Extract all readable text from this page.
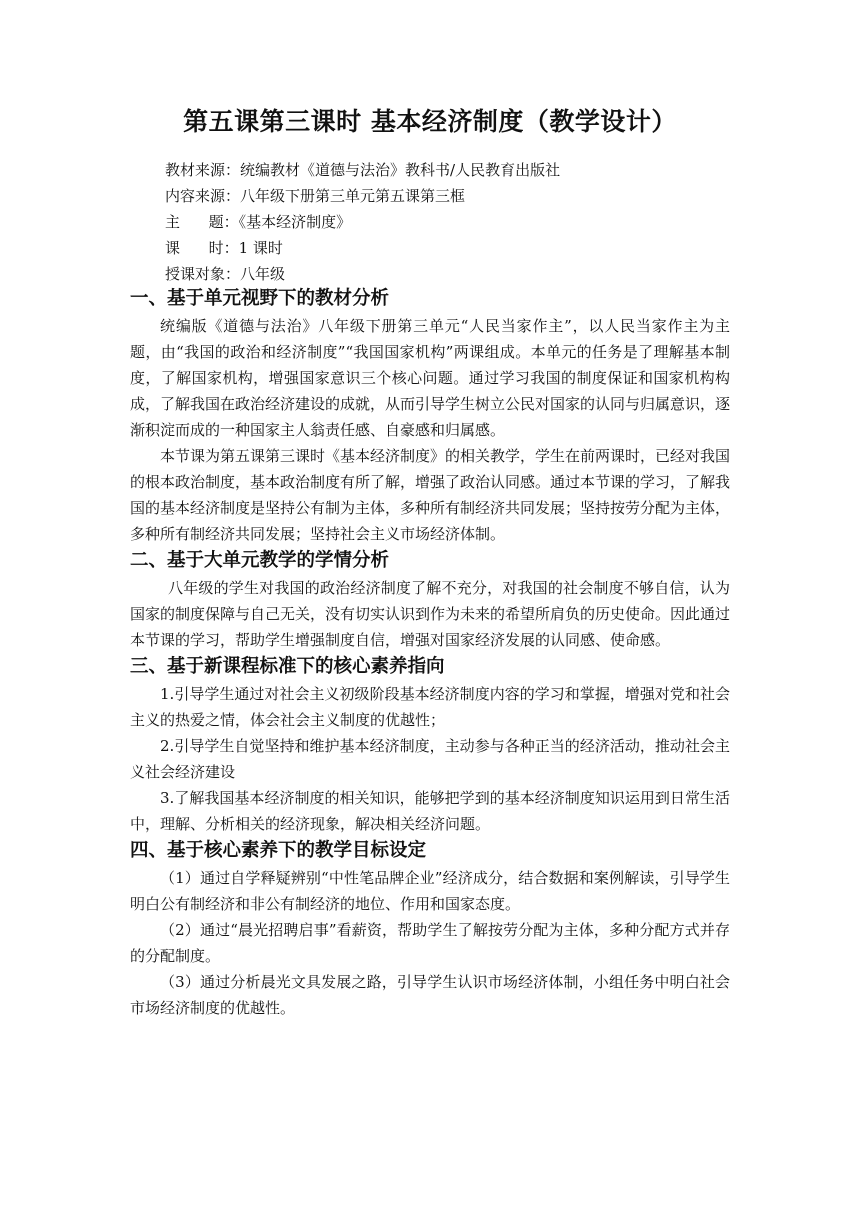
第五课第三课时 基本经济制度（教学设计）
教材来源：统编教材《道德与法治》教科书/人民教育出版社
内容来源：八年级下册第三单元第五课第三框
主      题：《基本经济制度》
课      时：1 课时
授课对象：八年级
一、基于单元视野下的教材分析

统编版《道德与法治》八年级下册第三单元“人民当家作主”，以人民当家作主为主题，由“我国的政治和经济制度”“我国国家机构”两课组成。本单元的任务是了理解基本制度，了解国家机构，增强国家意识三个核心问题。通过学习我国的制度保证和国家机构构成，了解我国在政治经济建设的成就，从而引导学生树立公民对国家的认同与归属意识，逐渐积淀而成的一种国家主人翁责任感、自豪感和归属感。

本节课为第五课第三课时《基本经济制度》的相关教学，学生在前两课时，已经对我国的根本政治制度，基本政治制度有所了解，增强了政治认同感。通过本节课的学习，了解我国的基本经济制度是坚持公有制为主体，多种所有制经济共同发展；坚持按劳分配为主体，多种所有制经济共同发展；坚持社会主义市场经济体制。

二、基于大单元教学的学情分析

八年级的学生对我国的政治经济制度了解不充分，对我国的社会制度不够自信，认为国家的制度保障与自己无关，没有切实认识到作为未来的希望所肩负的历史使命。因此通过本节课的学习，帮助学生增强制度自信，增强对国家经济发展的认同感、使命感。

三、基于新课程标准下的核心素养指向

1.引导学生通过对社会主义初级阶段基本经济制度内容的学习和掌握，增强对党和社会主义的热爱之情，体会社会主义制度的优越性；

2.引导学生自觉坚持和维护基本经济制度，主动参与各种正当的经济活动，推动社会主义社会经济建设

3.了解我国基本经济制度的相关知识，能够把学到的基本经济制度知识运用到日常生活中，理解、分析相关的经济现象，解决相关经济问题。

四、基于核心素养下的教学目标设定

（1）通过自学释疑辨别“中性笔品牌企业”经济成分，结合数据和案例解读，引导学生明白公有制经济和非公有制经济的地位、作用和国家态度。

（2）通过“晨光招聘启事”看薪资，帮助学生了解按劳分配为主体，多种分配方式并存的分配制度。

（3）通过分析晨光文具发展之路，引导学生认识市场经济体制，小组任务中明白社会市场经济制度的优越性。
